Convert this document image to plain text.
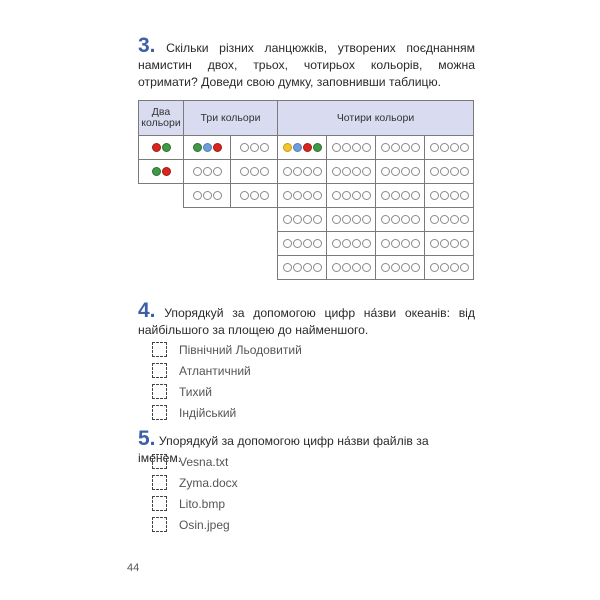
3. Скільки різних ланцюжків, утворених поєднанням намистин двох, трьох, чотирьох кольорів, можна отримати? Доведи свою думку, заповнивши таблицю.
Два кольори	Три кольори	Чотири кольори
4. Упорядкуй за допомогою цифр на́зви океанів: від найбільшого за площею до найменшого.
Північний Льодовитий
Атлантичний
Тихий
Індійський
5. Упорядкуй за допомогою цифр на́зви файлів за іменем.
Vesna.txt
Zyma.docx
Lito.bmp
Osin.jpeg
44
